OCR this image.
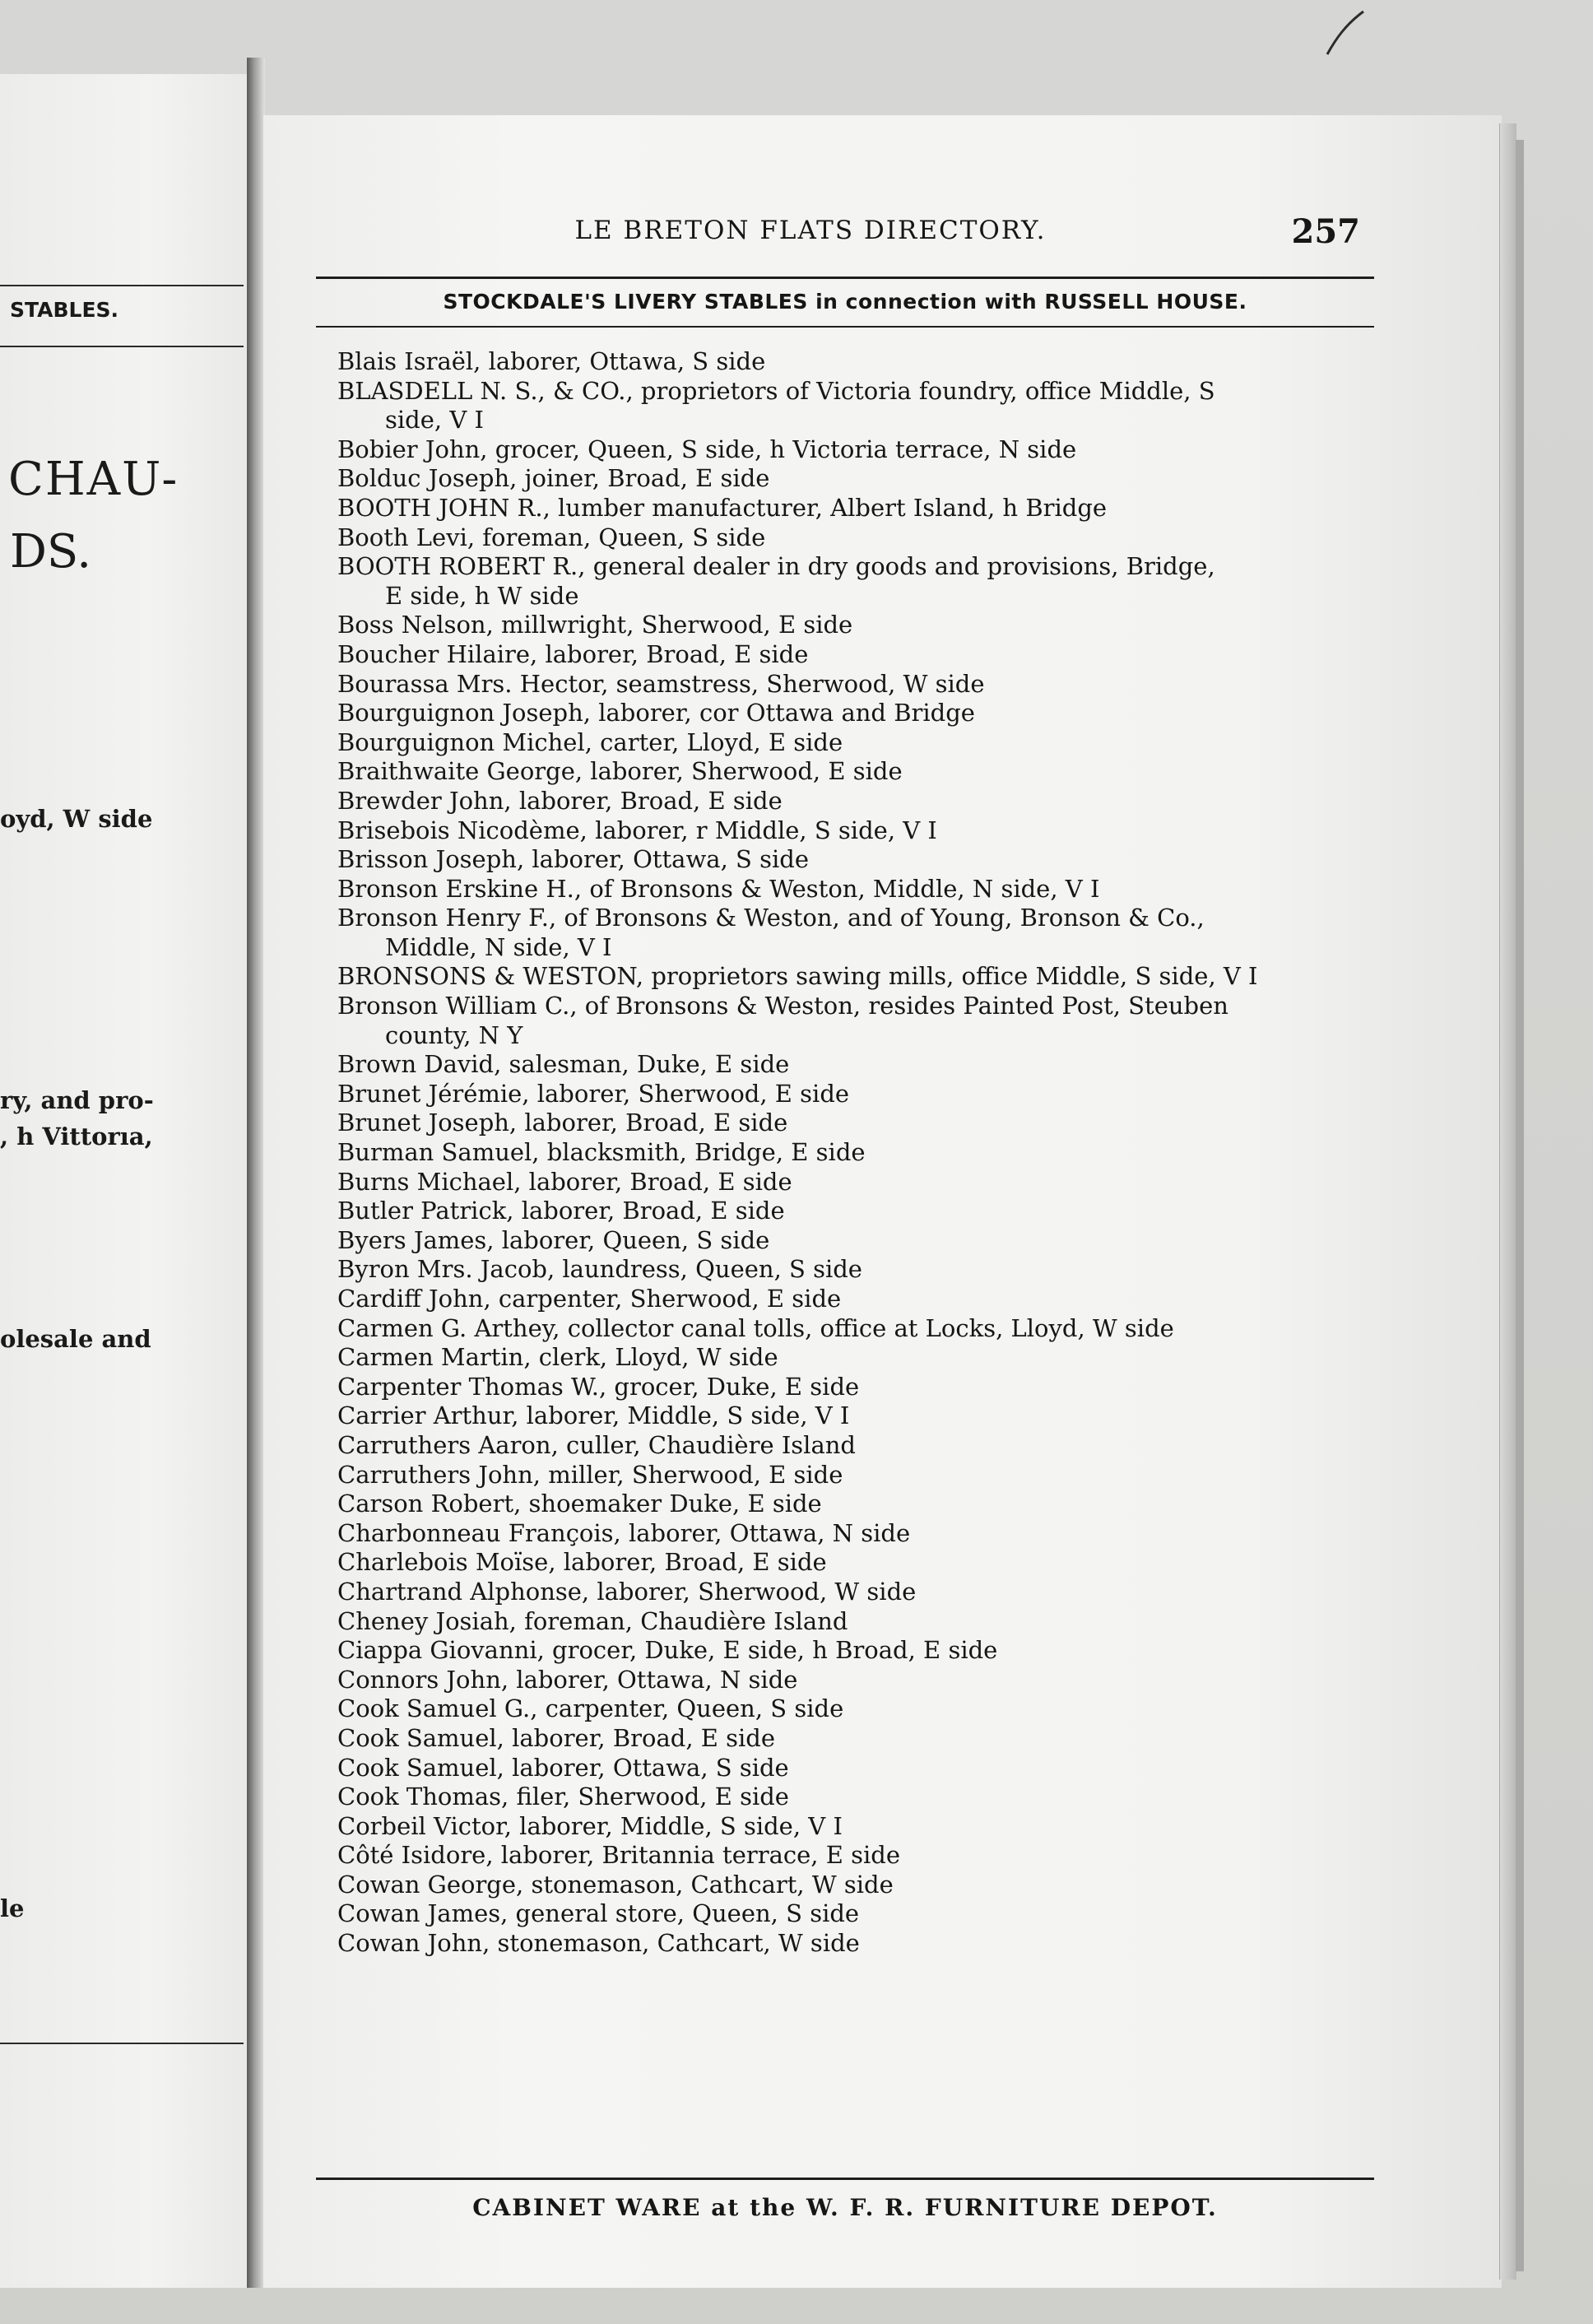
STABLES.
CHAU-
DS.
oyd, W side
ry, and pro-
, h Vittorıa,
olesale and
le
LE BRETON FLATS DIRECTORY.	257
STOCKDALE'S LIVERY STABLES in connection with RUSSELL HOUSE.
Blais Israël, laborer, Ottawa, S side
BLASDELL N. S., & CO., proprietors of Victoria foundry, office Middle, S
side, V I
Bobier John, grocer, Queen, S side, h Victoria terrace, N side
Bolduc Joseph, joiner, Broad, E side
BOOTH JOHN R., lumber manufacturer, Albert Island, h Bridge
Booth Levi, foreman, Queen, S side
BOOTH ROBERT R., general dealer in dry goods and provisions, Bridge,
E side, h W side
Boss Nelson, millwright, Sherwood, E side
Boucher Hilaire, laborer, Broad, E side
Bourassa Mrs. Hector, seamstress, Sherwood, W side
Bourguignon Joseph, laborer, cor Ottawa and Bridge
Bourguignon Michel, carter, Lloyd, E side
Braithwaite George, laborer, Sherwood, E side
Brewder John, laborer, Broad, E side
Brisebois Nicodème, laborer, r Middle, S side, V I
Brisson Joseph, laborer, Ottawa, S side
Bronson Erskine H., of Bronsons & Weston, Middle, N side, V I
Bronson Henry F., of Bronsons & Weston, and of Young, Bronson & Co.,
Middle, N side, V I
BRONSONS & WESTON, proprietors sawing mills, office Middle, S side, V I
Bronson William C., of Bronsons & Weston, resides Painted Post, Steuben
county, N Y
Brown David, salesman, Duke, E side
Brunet Jérémie, laborer, Sherwood, E side
Brunet Joseph, laborer, Broad, E side
Burman Samuel, blacksmith, Bridge, E side
Burns Michael, laborer, Broad, E side
Butler Patrick, laborer, Broad, E side
Byers James, laborer, Queen, S side
Byron Mrs. Jacob, laundress, Queen, S side
Cardiff John, carpenter, Sherwood, E side
Carmen G. Arthey, collector canal tolls, office at Locks, Lloyd, W side
Carmen Martin, clerk, Lloyd, W side
Carpenter Thomas W., grocer, Duke, E side
Carrier Arthur, laborer, Middle, S side, V I
Carruthers Aaron, culler, Chaudière Island
Carruthers John, miller, Sherwood, E side
Carson Robert, shoemaker Duke, E side
Charbonneau François, laborer, Ottawa, N side
Charlebois Moïse, laborer, Broad, E side
Chartrand Alphonse, laborer, Sherwood, W side
Cheney Josiah, foreman, Chaudière Island
Ciappa Giovanni, grocer, Duke, E side, h Broad, E side
Connors John, laborer, Ottawa, N side
Cook Samuel G., carpenter, Queen, S side
Cook Samuel, laborer, Broad, E side
Cook Samuel, laborer, Ottawa, S side
Cook Thomas, filer, Sherwood, E side
Corbeil Victor, laborer, Middle, S side, V I
Côté Isidore, laborer, Britannia terrace, E side
Cowan George, stonemason, Cathcart, W side
Cowan James, general store, Queen, S side
Cowan John, stonemason, Cathcart, W side
CABINET WARE at the W. F. R. FURNITURE DEPOT.
